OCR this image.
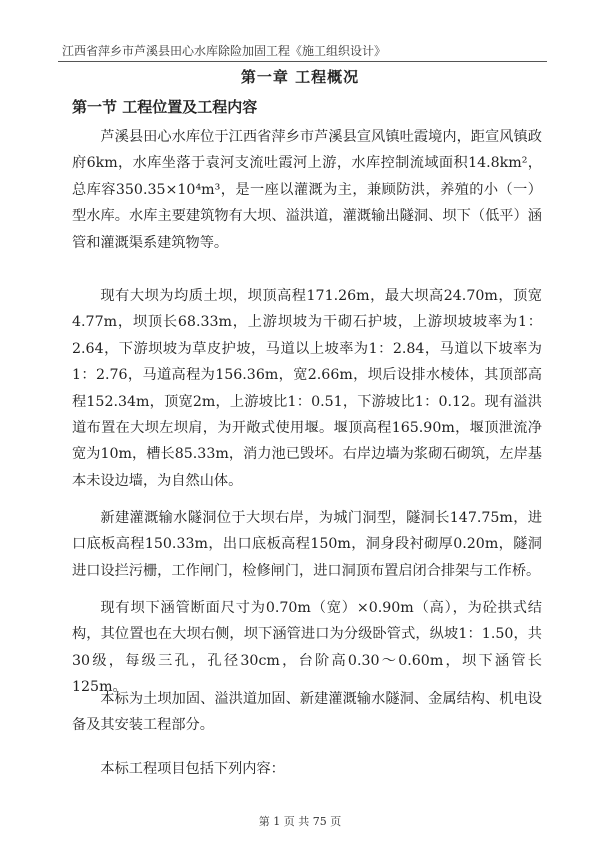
江西省萍乡市芦溪县田心水库除险加固工程《施工组织设计》
第一章 工程概况
第一节 工程位置及工程内容

芦溪县田心水库位于江西省萍乡市芦溪县宣风镇吐霞境内，距宣风镇政府6km，水库坐落于袁河支流吐霞河上游，水库控制流域面积14.8km²，总库容350.35×10⁴m³，是一座以灌溉为主，兼顾防洪，养殖的小（一）型水库。水库主要建筑物有大坝、溢洪道，灌溉输出隧洞、坝下（低平）涵管和灌溉渠系建筑物等。

现有大坝为均质土坝，坝顶高程171.26m，最大坝高24.70m，顶宽4.77m，坝顶长68.33m，上游坝坡为干砌石护坡，上游坝坡坡率为1：2.64，下游坝坡为草皮护坡，马道以上坡率为1：2.84，马道以下坡率为1：2.76，马道高程为156.36m，宽2.66m，坝后设排水棱体，其顶部高程152.34m，顶宽2m，上游坡比1：0.51，下游坡比1：0.12。现有溢洪道布置在大坝左坝肩，为开敞式使用堰。堰顶高程165.90m，堰顶泄流净宽为10m，槽长85.33m，消力池已毁坏。右岸边墙为浆砌石砌筑，左岸基本未设边墙，为自然山体。

新建灌溉输水隧洞位于大坝右岸，为城门洞型，隧洞长147.75m，进口底板高程150.33m，出口底板高程150m，洞身段衬砌厚0.20m，隧洞进口设拦污栅，工作闸门，检修闸门，进口洞顶布置启闭合排架与工作桥。

现有坝下涵管断面尺寸为0.70m（宽）×0.90m（高），为砼拱式结构，其位置也在大坝右侧，坝下涵管进口为分级卧管式，纵坡1：1.50，共30级，每级三孔，孔径30cm，台阶高0.30～0.60m，坝下涵管长125m。

本标为土坝加固、溢洪道加固、新建灌溉输水隧洞、金属结构、机电设备及其安装工程部分。

本标工程项目包括下列内容：

第 1 页 共 75 页
